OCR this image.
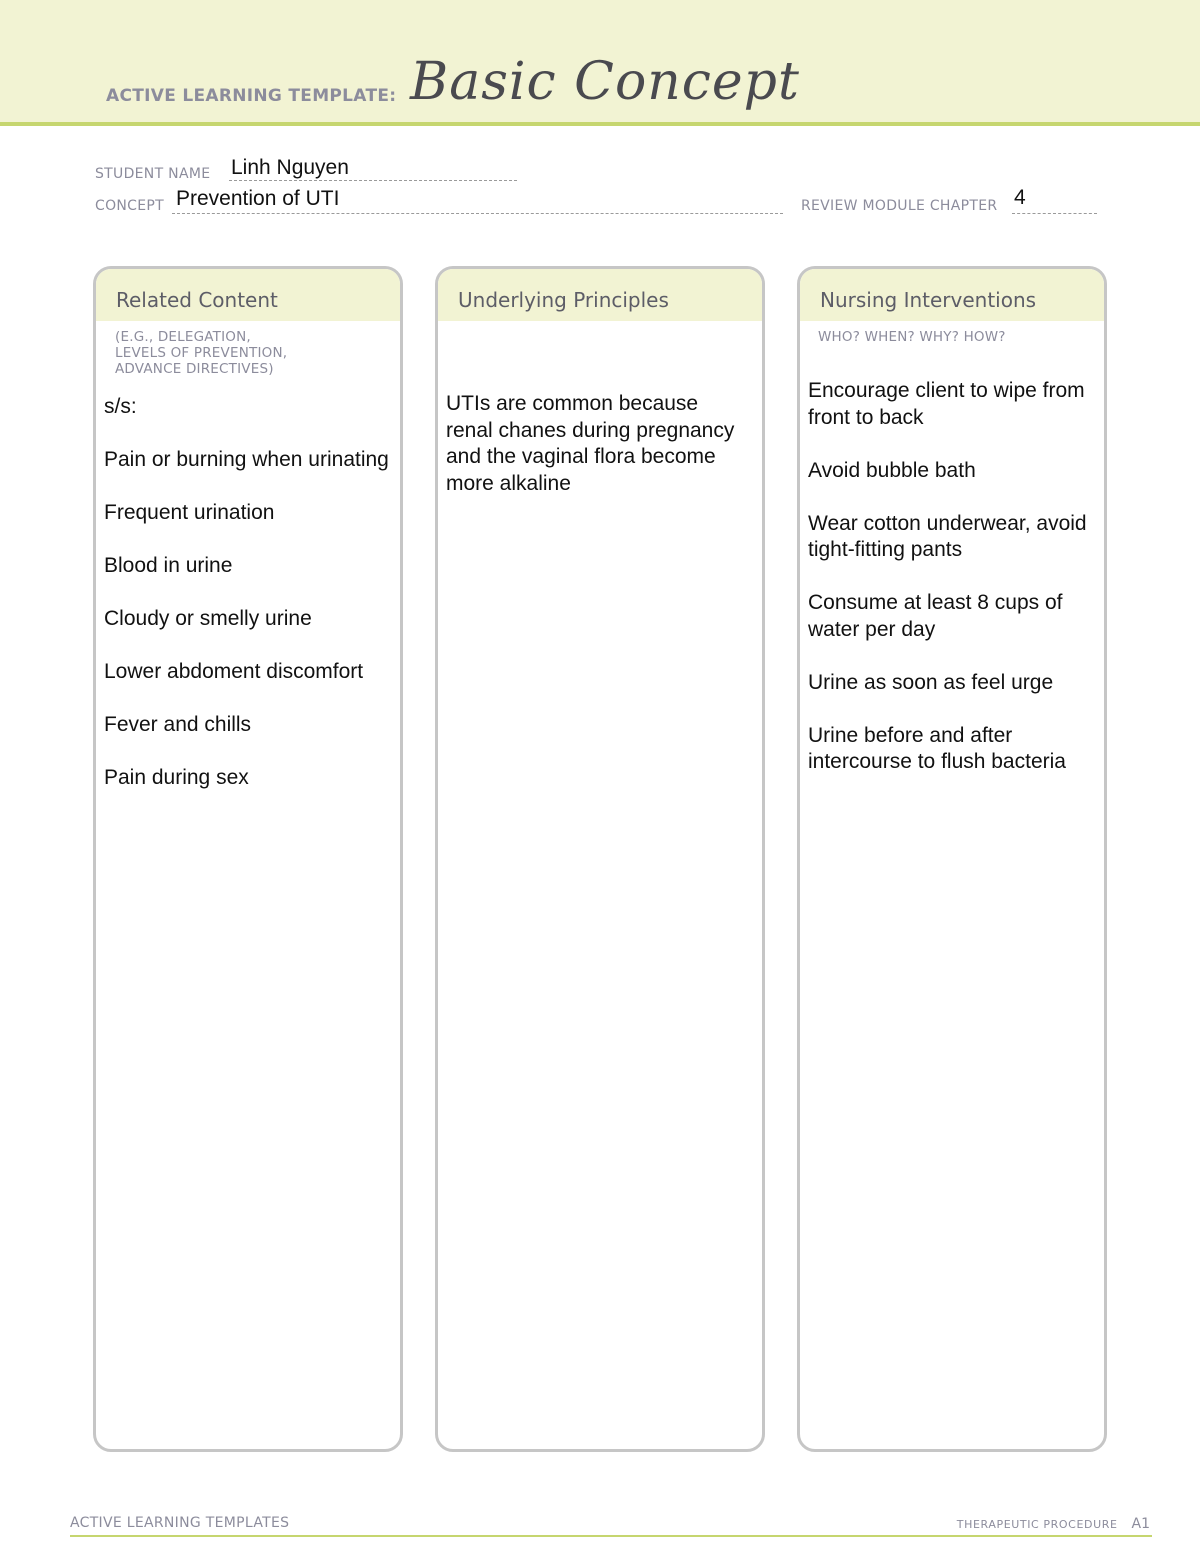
ACTIVE LEARNING TEMPLATE: Basic Concept
STUDENT NAME Linh Nguyen
CONCEPT Prevention of UTI	REVIEW MODULE CHAPTER 4
Related Content
(E.G., DELEGATION,
LEVELS OF PREVENTION,
ADVANCE DIRECTIVES)
s/s:
Pain or burning when urinating
Frequent urination
Blood in urine
Cloudy or smelly urine
Lower abdoment discomfort
Fever and chills
Pain during sex
Underlying Principles
UTIs are common because renal chanes during pregnancy and the vaginal flora become more alkaline
Nursing Interventions
WHO? WHEN? WHY? HOW?
Encourage client to wipe from front to back
Avoid bubble bath
Wear cotton underwear, avoid tight-fitting pants
Consume at least 8 cups of water per day
Urine as soon as feel urge
Urine before and after intercourse to flush bacteria
ACTIVE LEARNING TEMPLATES	THERAPEUTIC PROCEDURE A1
